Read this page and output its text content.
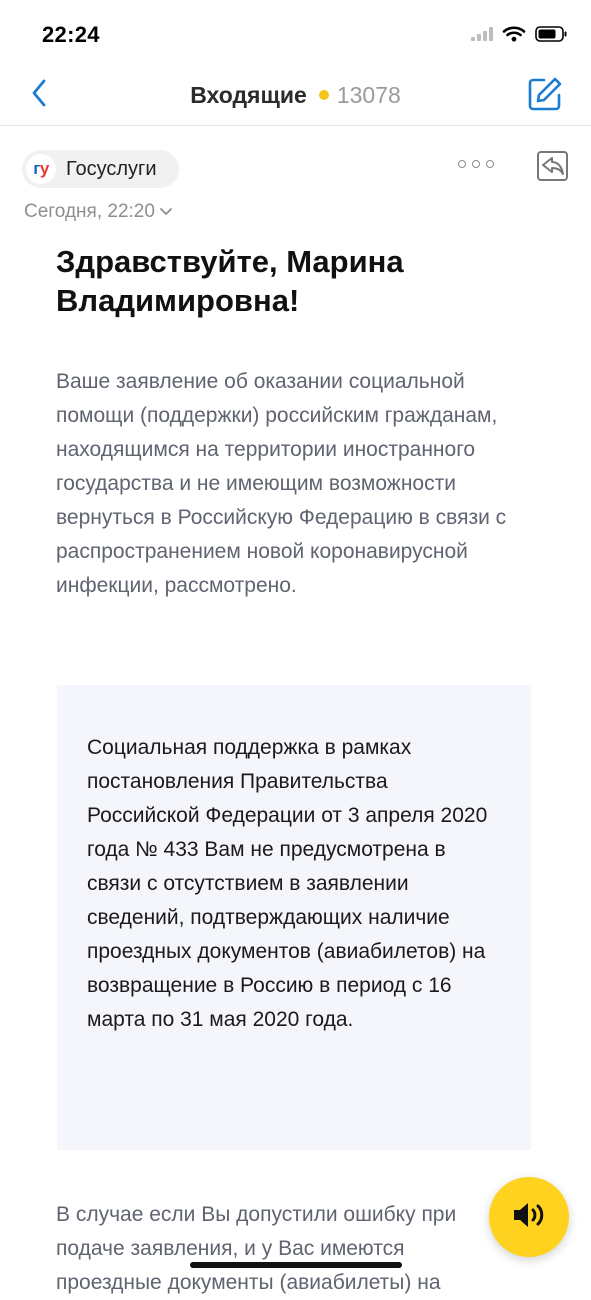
22:24
Входящие 13078
г у Госуслуги
Сегодня, 22:20
Здравствуйте, Марина Владимировна!

Ваше заявление об оказании социальной помощи (поддержки) российским гражданам, находящимся на территории иностранного государства и не имеющим возможности вернуться в Российскую Федерацию в связи с распространением новой коронавирусной инфекции, рассмотрено.

Социальная поддержка в рамках постановления Правительства Российской Федерации от 3 апреля 2020 года № 433 Вам не предусмотрена в связи с отсутствием в заявлении сведений, подтверждающих наличие проездных документов (авиабилетов) на возвращение в Россию в период с 16 марта по 31 мая 2020 года.

В случае если Вы допустили ошибку при подаче заявления, и у Вас имеются проездные документы (авиабилеты) на
